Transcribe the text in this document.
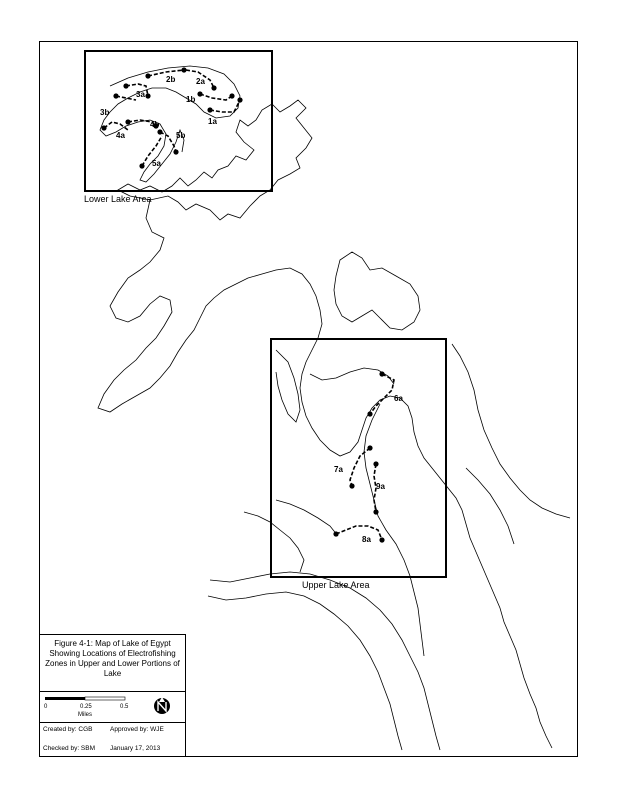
2b	2a
1b
1a
3a
3b
4a
4b
5a
5b
6a
7a
9a
8a
Lower Lake Area
Upper Lake Area
Figure 4-1: Map of Lake of Egypt Showing Locations of Electrofishing Zones in Upper and Lower Portions of Lake
0	0.25	0.5
Miles
Created by: CGB	Approved by: WJE
Checked by: SBM January 17, 2013
